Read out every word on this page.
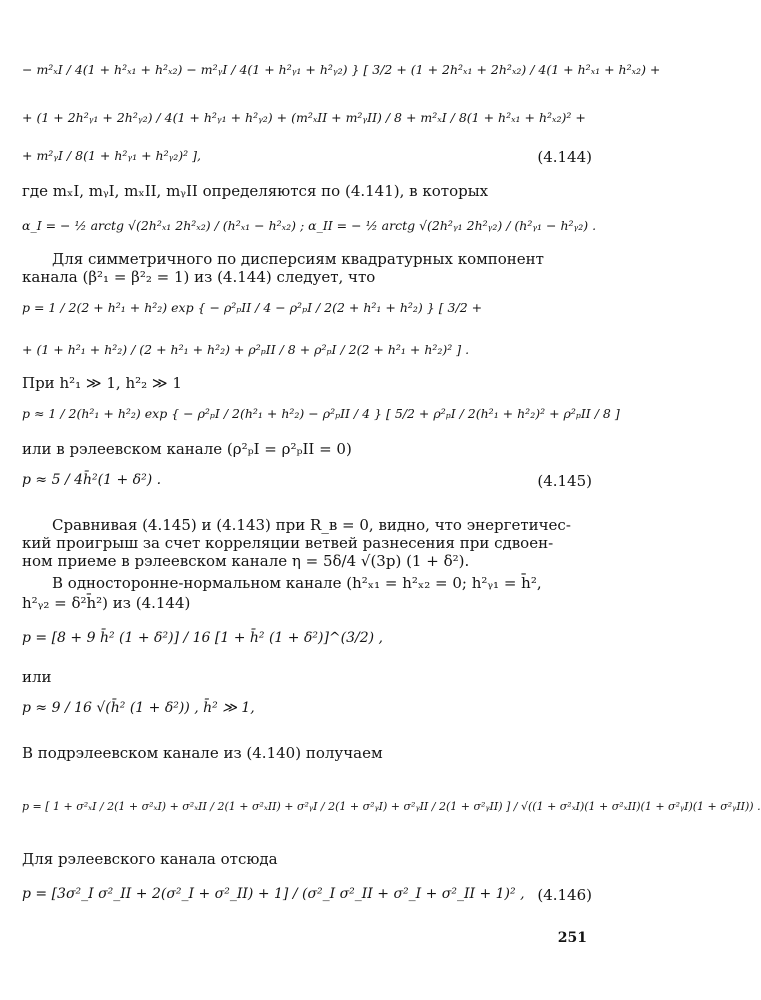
− m²ₓI / 4(1 + h²ₓ₁ + h²ₓ₂) − m²ᵧI / 4(1 + h²ᵧ₁ + h²ᵧ₂) } [ 3/2 + (1 + 2h²ₓ₁ + 2h²ₓ₂) / 4(1 + h²ₓ₁ + h²ₓ₂) +
+ (1 + 2h²ᵧ₁ + 2h²ᵧ₂) / 4(1 + h²ᵧ₁ + h²ᵧ₂) + (m²ₓII + m²ᵧII) / 8 + m²ₓI / 8(1 + h²ₓ₁ + h²ₓ₂)² +
+ m²ᵧI / 8(1 + h²ᵧ₁ + h²ᵧ₂)² ],	(4.144)
где mₓI, mᵧI, mₓII, mᵧII определяются по (4.141), в которых
α_I = − ½ arctg √(2h²ₓ₁ 2h²ₓ₂) / (h²ₓ₁ − h²ₓ₂) ; α_II = − ½ arctg √(2h²ᵧ₁ 2h²ᵧ₂) / (h²ᵧ₁ − h²ᵧ₂) .
Для симметричного по дисперсиям квадратурных компонент
канала (β²₁ = β²₂ = 1) из (4.144) следует, что
p = 1 / 2(2 + h²₁ + h²₂) exp { − ρ²ₚII / 4 − ρ²ₚI / 2(2 + h²₁ + h²₂) } [ 3/2 +
+ (1 + h²₁ + h²₂) / (2 + h²₁ + h²₂) + ρ²ₚII / 8 + ρ²ₚI / 2(2 + h²₁ + h²₂)² ] .
При h²₁ ≫ 1, h²₂ ≫ 1
p ≈ 1 / 2(h²₁ + h²₂) exp { − ρ²ₚI / 2(h²₁ + h²₂) − ρ²ₚII / 4 } [ 5/2 + ρ²ₚI / 2(h²₁ + h²₂)² + ρ²ₚII / 8 ]
или в рэлеевском канале (ρ²ₚI = ρ²ₚII = 0)
p ≈ 5 / 4h̄²(1 + δ²) .	(4.145)
Сравнивая (4.145) и (4.143) при R_в = 0, видно, что энергетичес-
кий проигрыш за счет корреляции ветвей разнесения при сдвоен-
ном приеме в рэлеевском канале η = 5δ/4 √(3p) (1 + δ²).
В односторонне-нормальном канале (h²ₓ₁ = h²ₓ₂ = 0; h²ᵧ₁ = h̄²,
h²ᵧ₂ = δ²h̄²) из (4.144)
p = [8 + 9 h̄² (1 + δ²)] / 16 [1 + h̄² (1 + δ²)]^(3/2) ,
или
p ≈ 9 / 16 √(h̄² (1 + δ²)) , h̄² ≫ 1,
В подрэлеевском канале из (4.140) получаем
p = [ 1 + σ²ₓI / 2(1 + σ²ₓI) + σ²ₓII / 2(1 + σ²ₓII) + σ²ᵧI / 2(1 + σ²ᵧI) + σ²ᵧII / 2(1 + σ²ᵧII) ] / √((1 + σ²ₓI)(1 + σ²ₓII)(1 + σ²ᵧI)(1 + σ²ᵧII)) .
Для рэлеевского канала отсюда
p = [3σ²_I σ²_II + 2(σ²_I + σ²_II) + 1] / (σ²_I σ²_II + σ²_I + σ²_II + 1)² , (4.146)
251
